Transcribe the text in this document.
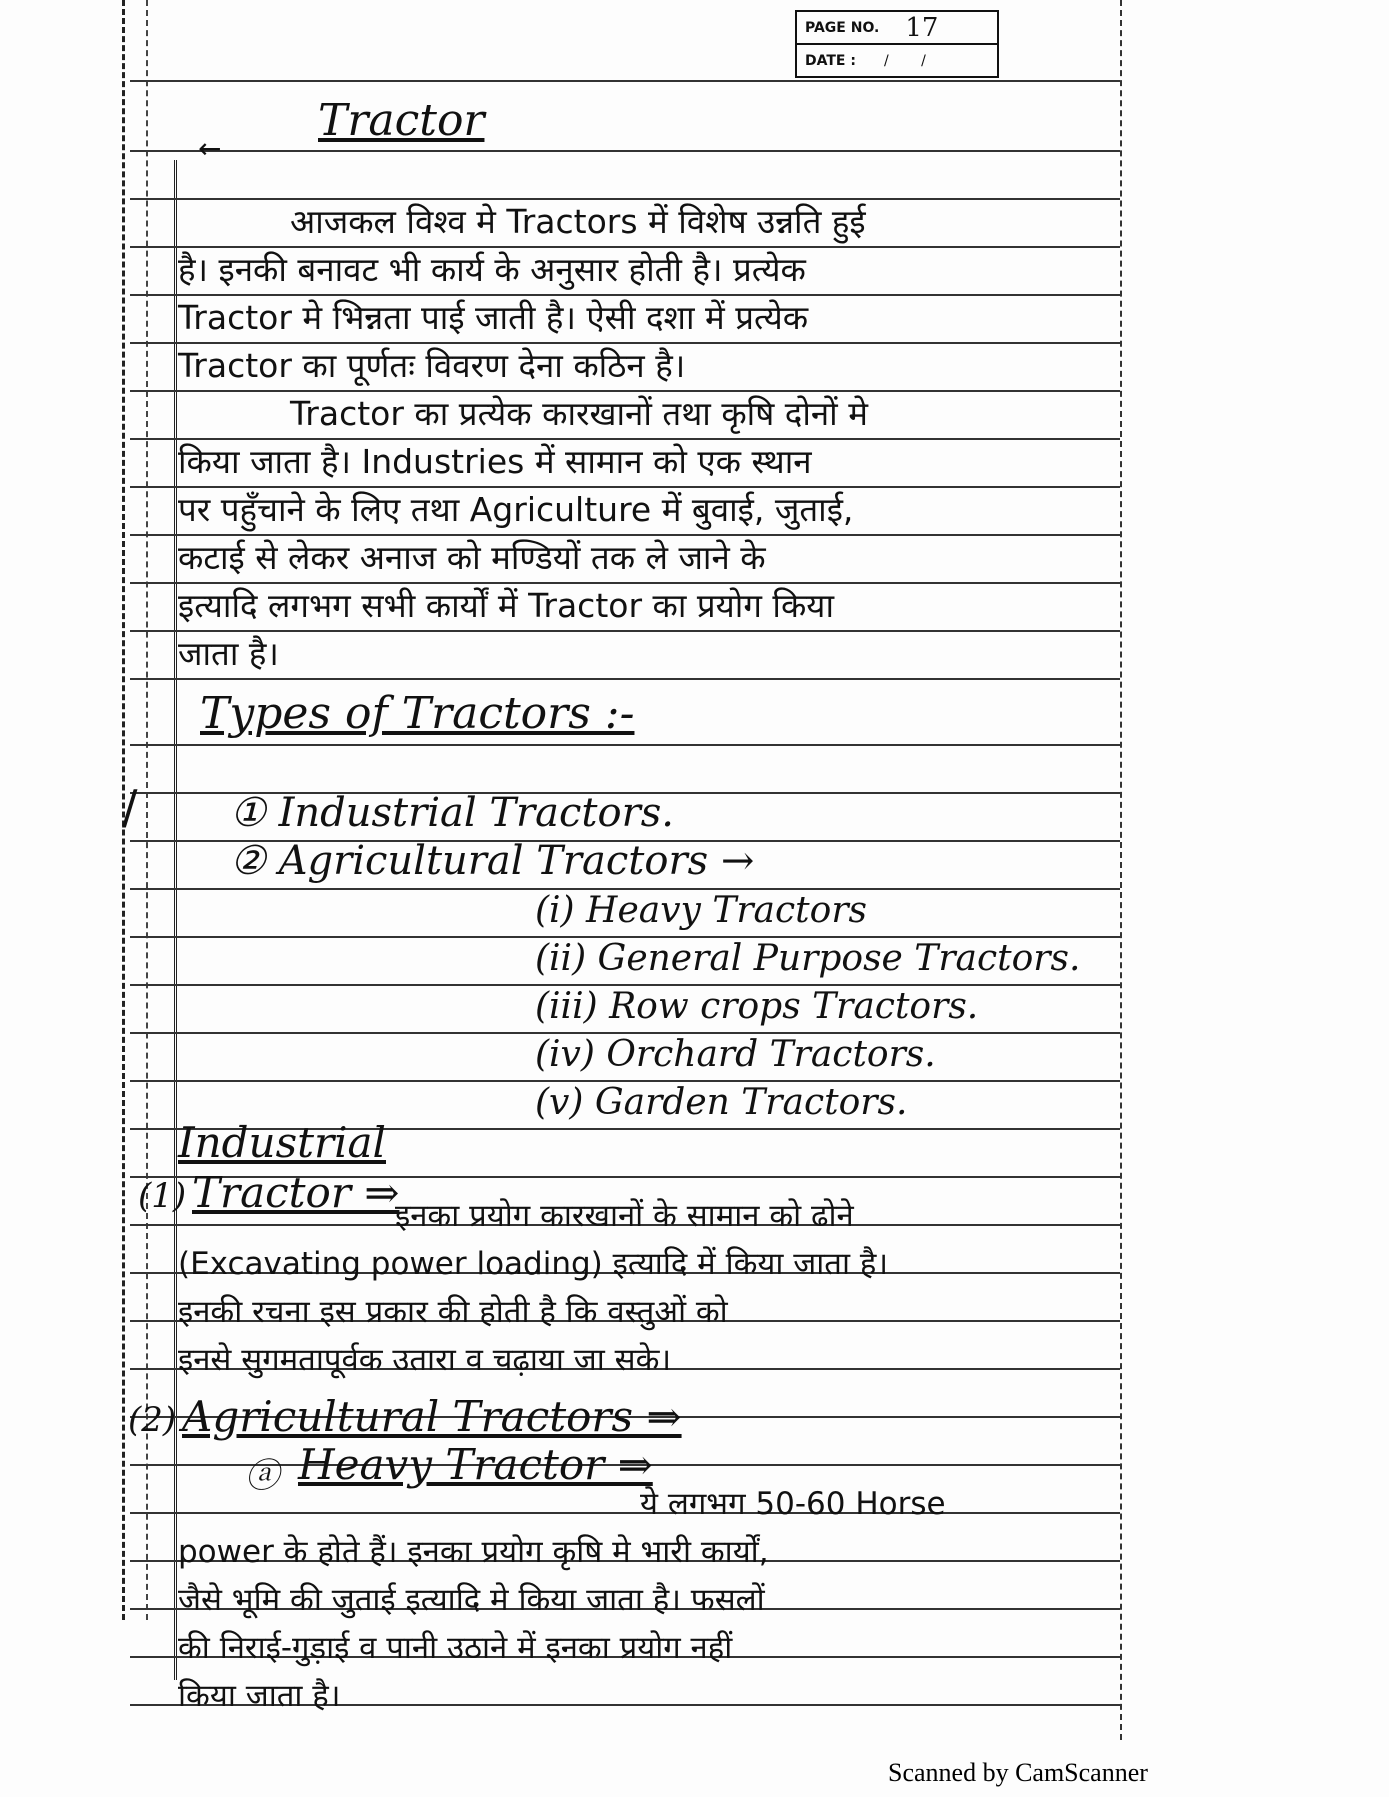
PAGE NO. 17
DATE : / /
←
Tractor
आजकल विश्व मे Tractors में विशेष उन्नति हुई
है। इनकी बनावट भी कार्य के अनुसार होती है। प्रत्येक
Tractor मे भिन्नता पाई जाती है। ऐसी दशा में प्रत्येक
Tractor का पूर्णतः विवरण देना कठिन है।
Tractor का प्रत्येक कारखानों तथा कृषि दोनों मे
किया जाता है। Industries में सामान को एक स्थान
पर पहुँचाने के लिए तथा Agriculture में बुवाई, जुताई,
कटाई से लेकर अनाज को मण्डियों तक ले जाने के
इत्यादि लगभग सभी कार्यों में Tractor का प्रयोग किया
जाता है।
Types of Tractors :-
/ ① Industrial Tractors.
② Agricultural Tractors →
(i) Heavy Tractors
(ii) General Purpose Tractors.
(iii) Row crops Tractors.
(iv) Orchard Tractors.
(v) Garden Tractors.
Industrial
(1) Tractor ⇒
इनका प्रयोग कारखानों के सामान को ढोने
(Excavating power loading) इत्यादि में किया जाता है।
इनकी रचना इस प्रकार की होती है कि वस्तुओं को
इनसे सुगमतापूर्वक उतारा व चढ़ाया जा सके।
(2) Agricultural Tractors ⇒
ⓐ Heavy Tractor ⇒
ये लगभग 50-60 Horse
power के होते हैं। इनका प्रयोग कृषि मे भारी कार्यों,
जैसे भूमि की जुताई इत्यादि मे किया जाता है। फसलों
की निराई-गुड़ाई व पानी उठाने में इनका प्रयोग नहीं
किया जाता है।
Scanned by CamScanner
